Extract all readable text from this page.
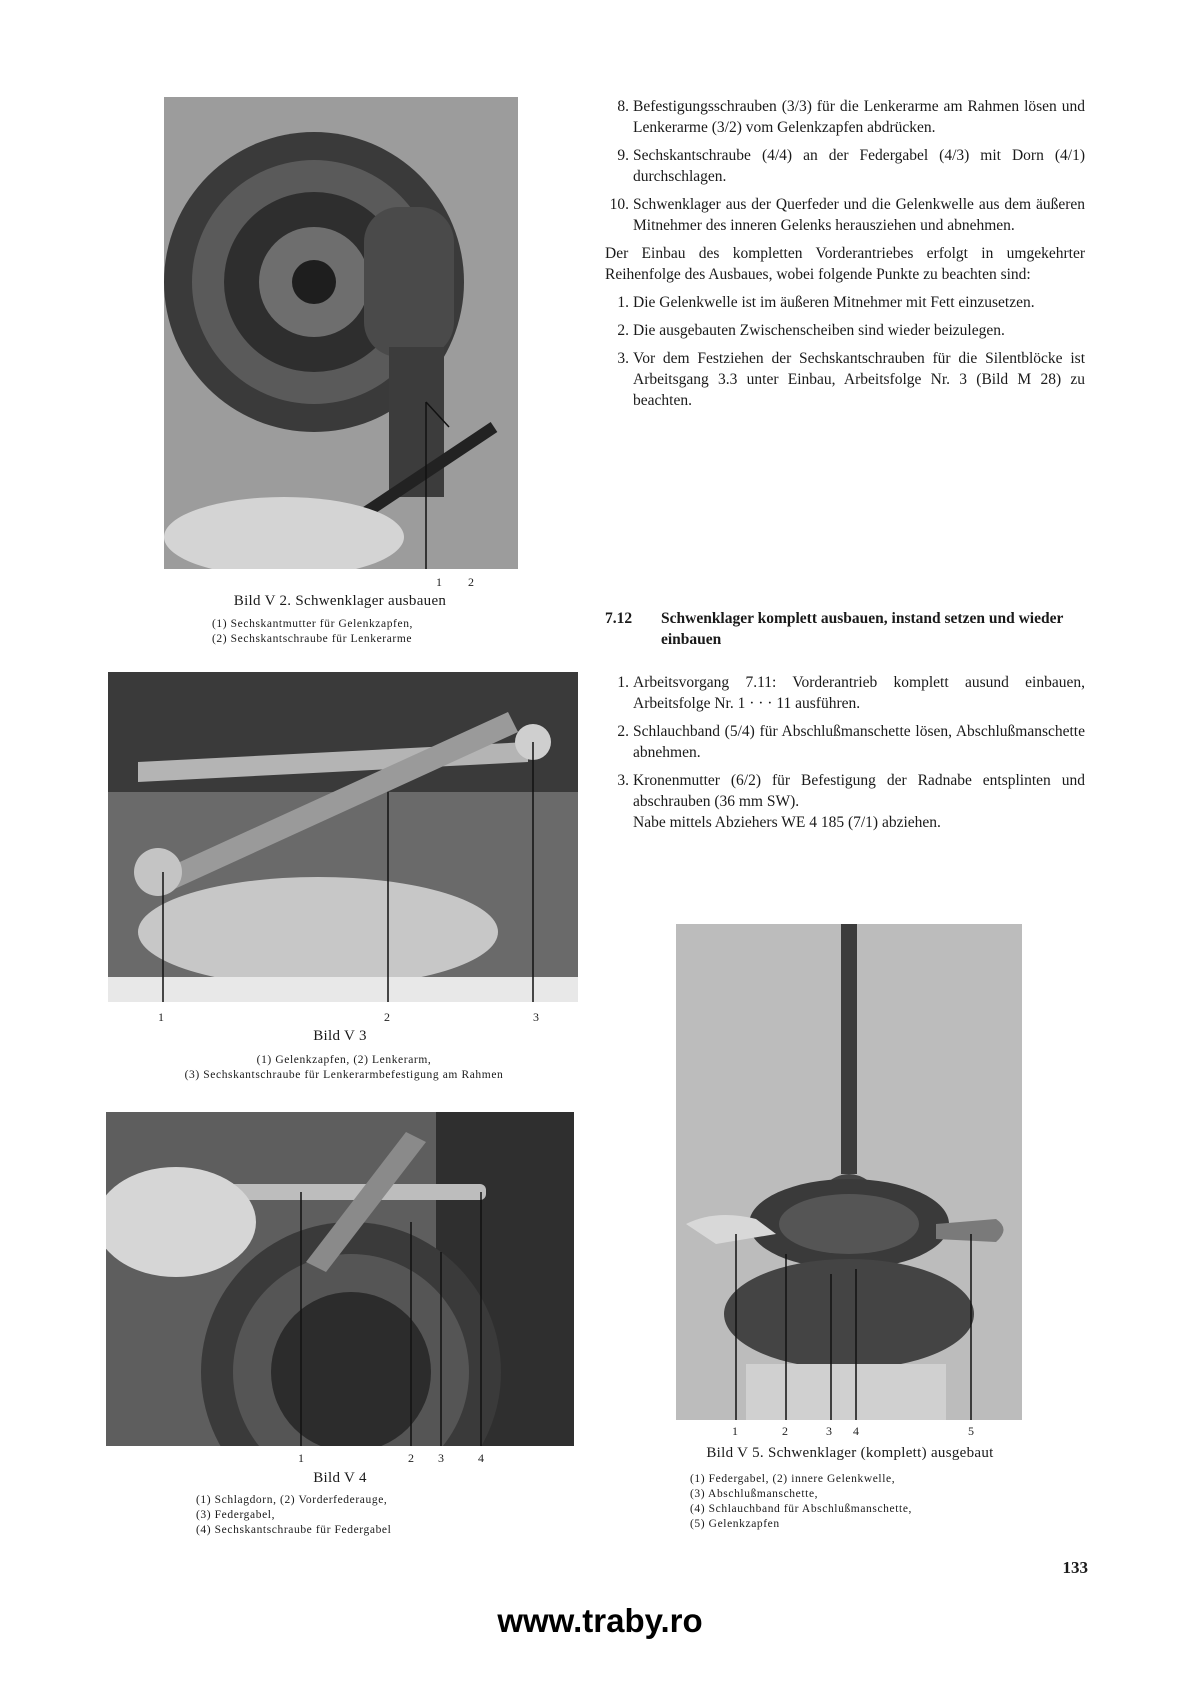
1 2
Bild V 2. Schwenklager ausbauen
(1) Sechskantmutter für Gelenkzapfen,
(2) Sechskantschraube für Lenkerarme
1	2	3
Bild V 3
(1) Gelenkzapfen, (2) Lenkerarm,
(3) Sechskantschraube für Lenkerarmbefestigung am Rahmen
1	2 3	4
Bild V 4
(1) Schlagdorn, (2) Vorderfederauge,
(3) Federgabel,
(4) Sechskantschraube für Federgabel
8. Befestigungsschrauben (3/3) für die Lenkerarme am Rahmen lösen und Lenkerarme (3/2) vom Gelenkzapfen abdrücken.
9. Sechskantschraube (4/4) an der Federgabel (4/3) mit Dorn (4/1) durchschlagen.
10. Schwenklager aus der Querfeder und die Gelenkwelle aus dem äußeren Mitnehmer des inneren Gelenks herausziehen und abnehmen.
Der Einbau des kompletten Vorderantriebes erfolgt in umgekehrter Reihenfolge des Ausbaues, wobei folgende Punkte zu beachten sind:
1. Die Gelenkwelle ist im äußeren Mitnehmer mit Fett einzusetzen.
2. Die ausgebauten Zwischenscheiben sind wieder beizulegen.
3. Vor dem Festziehen der Sechskantschrauben für die Silentblöcke ist Arbeitsgang 3.3 unter Einbau, Arbeitsfolge Nr. 3 (Bild M 28) zu beachten.
7.12 Schwenklager komplett ausbauen, instand setzen und wieder einbauen
1. Arbeitsvorgang 7.11: Vorderantrieb komplett ausund einbauen, Arbeitsfolge Nr. 1 · · · 11 ausführen.
2. Schlauchband (5/4) für Abschlußmanschette lösen, Abschlußmanschette abnehmen.
3. Kronenmutter (6/2) für Befestigung der Radnabe entsplinten und abschrauben (36 mm SW).
Nabe mittels Abziehers WE 4 185 (7/1) abziehen.
1	2	3 4	5
Bild V 5. Schwenklager (komplett) ausgebaut
(1) Federgabel, (2) innere Gelenkwelle,
(3) Abschlußmanschette,
(4) Schlauchband für Abschlußmanschette,
(5) Gelenkzapfen
133
www.traby.ro
